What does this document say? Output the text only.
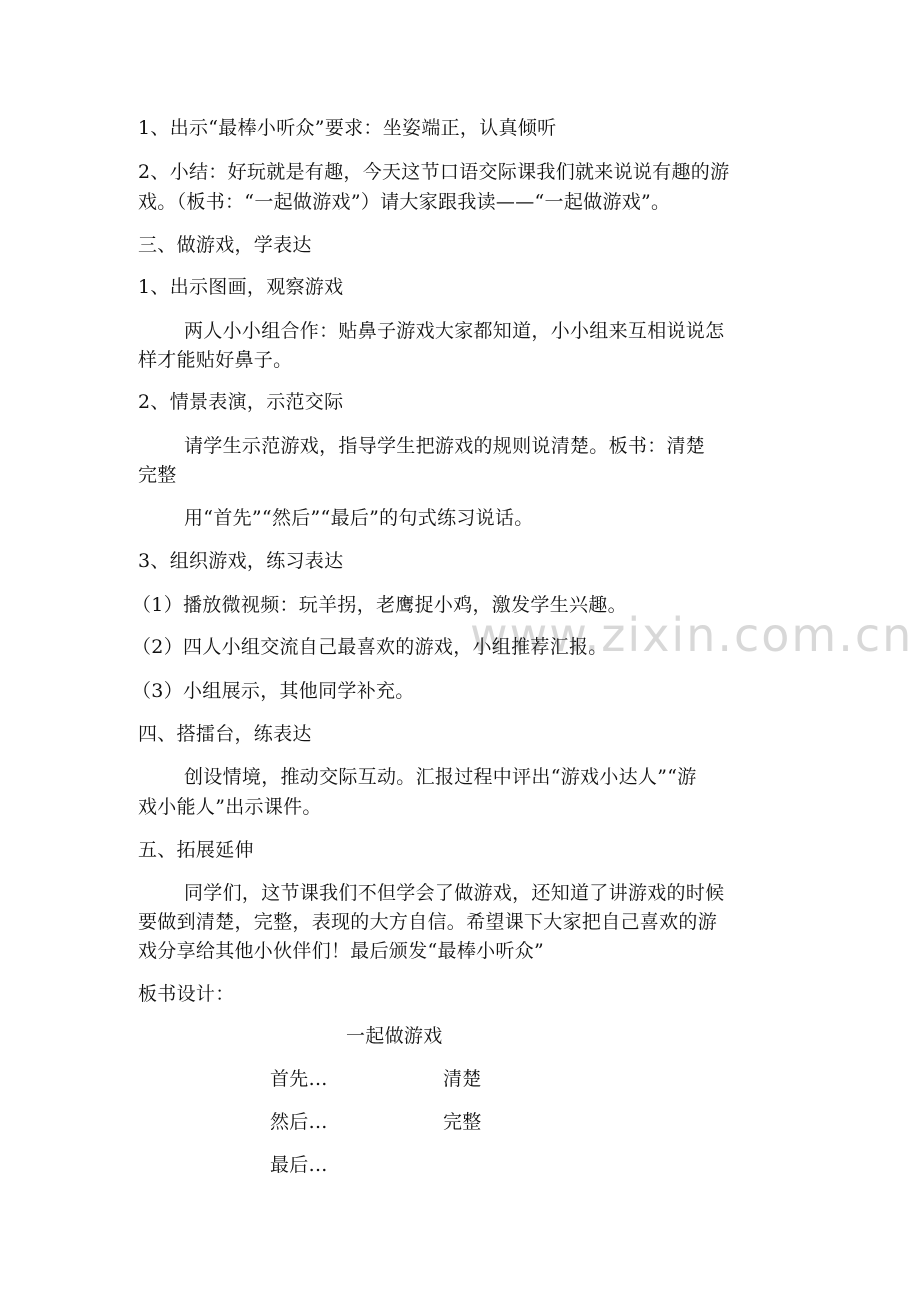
www.zixin.com.cn
1、出示“最棒小听众”要求：坐姿端正，认真倾听
2、小结：好玩就是有趣，今天这节口语交际课我们就来说说有趣的游
戏。（板书：“一起做游戏”）请大家跟我读——“一起做游戏”。
三、做游戏，学表达
1、出示图画，观察游戏
两人小小组合作：贴鼻子游戏大家都知道，小小组来互相说说怎
样才能贴好鼻子。
2、情景表演，示范交际
请学生示范游戏，指导学生把游戏的规则说清楚。板书：清楚
完整
用“首先”“然后”“最后”的句式练习说话。
3、组织游戏，练习表达
（1）播放微视频：玩羊拐，老鹰捉小鸡，激发学生兴趣。
（2）四人小组交流自己最喜欢的游戏，小组推荐汇报。
（3）小组展示，其他同学补充。
四、搭擂台，练表达
创设情境，推动交际互动。汇报过程中评出“游戏小达人”“游
戏小能人”出示课件。
五、拓展延伸
同学们，这节课我们不但学会了做游戏，还知道了讲游戏的时候
要做到清楚，完整，表现的大方自信。希望课下大家把自己喜欢的游
戏分享给其他小伙伴们！最后颁发“最棒小听众”
板书设计：
一起做游戏
首先...	清楚
然后...	完整
最后...
